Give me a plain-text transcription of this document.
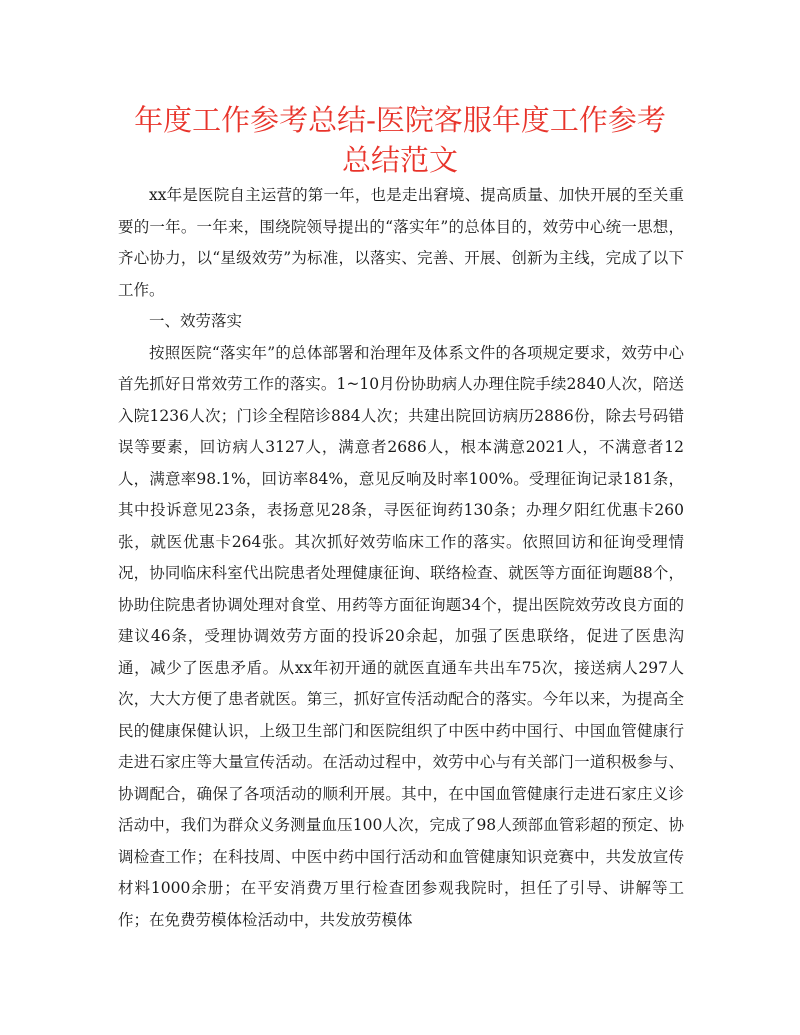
年度工作参考总结-医院客服年度工作参考总结范文

xx年是医院自主运营的第一年，也是走出窘境、提高质量、加快开展的至关重要的一年。一年来，围绕院领导提出的“落实年”的总体目的，效劳中心统一思想，齐心协力，以“星级效劳”为标准，以落实、完善、开展、创新为主线，完成了以下工作。

一、效劳落实

按照医院“落实年”的总体部署和治理年及体系文件的各项规定要求，效劳中心首先抓好日常效劳工作的落实。1~10月份协助病人办理住院手续2840人次，陪送入院1236人次；门诊全程陪诊884人次；共建出院回访病历2886份，除去号码错误等要素，回访病人3127人，满意者2686人，根本满意2021人，不满意者12人，满意率98.1%，回访率84%，意见反响及时率100%。受理征询记录181条，其中投诉意见23条，表扬意见28条，寻医征询药130条；办理夕阳红优惠卡260张，就医优惠卡264张。其次抓好效劳临床工作的落实。依照回访和征询受理情况，协同临床科室代出院患者处理健康征询、联络检查、就医等方面征询题88个，协助住院患者协调处理对食堂、用药等方面征询题34个，提出医院效劳改良方面的建议46条，受理协调效劳方面的投诉20余起，加强了医患联络，促进了医患沟通，减少了医患矛盾。从xx年初开通的就医直通车共出车75次，接送病人297人次，大大方便了患者就医。第三，抓好宣传活动配合的落实。今年以来，为提高全民的健康保健认识，上级卫生部门和医院组织了中医中药中国行、中国血管健康行走进石家庄等大量宣传活动。在活动过程中，效劳中心与有关部门一道积极参与、协调配合，确保了各项活动的顺利开展。其中，在中国血管健康行走进石家庄义诊活动中，我们为群众义务测量血压100人次，完成了98人颈部血管彩超的预定、协调检查工作；在科技周、中医中药中国行活动和血管健康知识竞赛中，共发放宣传材料1000余册；在平安消费万里行检查团参观我院时，担任了引导、讲解等工作；在免费劳模体检活动中，共发放劳模体
